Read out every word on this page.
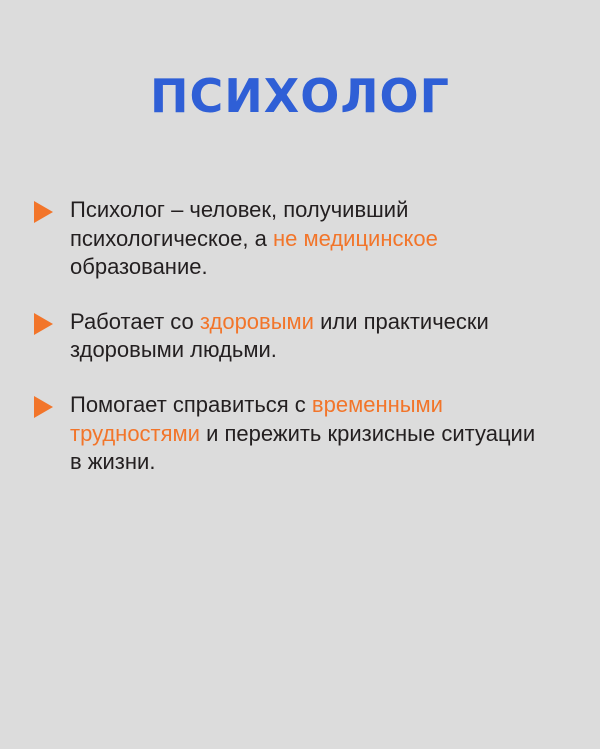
ПСИХОЛОГ
Психолог – человек, получивший психологическое, а не медицинское образование.
Работает со здоровыми или практически здоровыми людьми.
Помогает справиться с временными трудностями и пережить кризисные ситуации в жизни.
